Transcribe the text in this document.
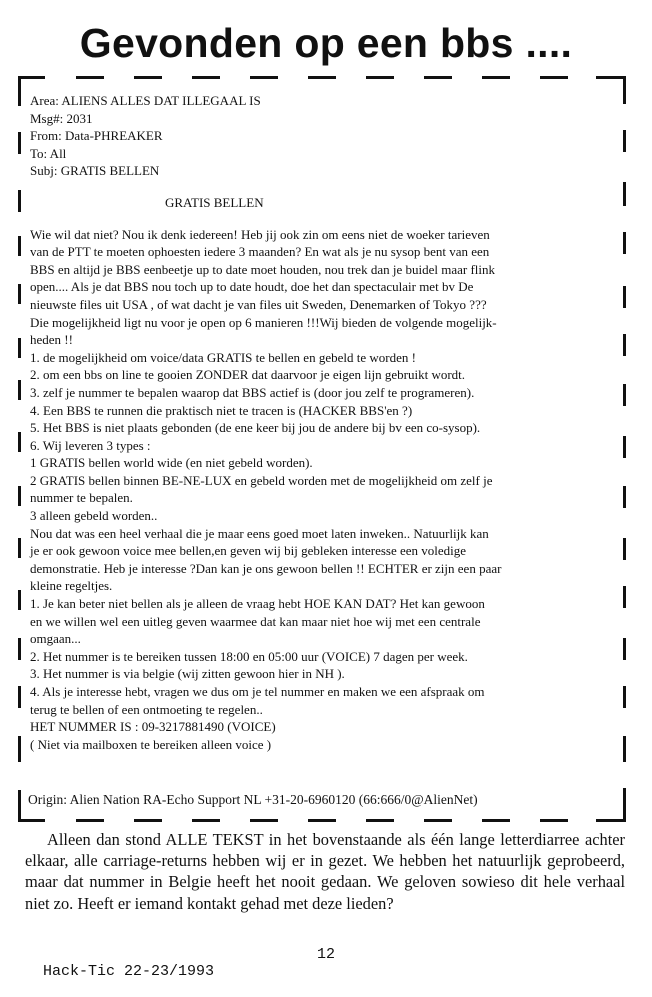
Gevonden op een bbs ....
Area: ALIENS ALLES DAT ILLEGAAL IS
Msg#: 2031
From: Data-PHREAKER
To: All
Subj: GRATIS BELLEN
GRATIS BELLEN
Wie wil dat niet? Nou ik denk iedereen! Heb jij ook zin om eens niet de woeker tarieven
van de PTT te moeten ophoesten iedere 3 maanden? En wat als je nu sysop bent van een
BBS en altijd je BBS eenbeetje up to date moet houden, nou trek dan je buidel maar flink
open.... Als je dat BBS nou toch up to date houdt, doe het dan spectaculair met bv De
nieuwste files uit USA , of wat dacht je van files uit Sweden, Denemarken of Tokyo ???
Die mogelijkheid ligt nu voor je open op 6 manieren !!!Wij bieden de volgende mogelijk-
heden !!
1. de mogelijkheid om voice/data GRATIS te bellen en gebeld te worden !
2. om een bbs on line te gooien ZONDER dat daarvoor je eigen lijn gebruikt wordt.
3. zelf je nummer te bepalen waarop dat BBS actief is (door jou zelf te programeren).
4. Een BBS te runnen die praktisch niet te tracen is (HACKER BBS'en ?)
5. Het BBS is niet plaats gebonden (de ene keer bij jou de andere bij bv een co-sysop).
6. Wij leveren 3 types :
1 GRATIS bellen world wide (en niet gebeld worden).
2 GRATIS bellen binnen BE-NE-LUX en gebeld worden met de mogelijkheid om zelf je
nummer te bepalen.
3 alleen gebeld worden..
Nou dat was een heel verhaal die je maar eens goed moet laten inweken.. Natuurlijk kan
je er ook gewoon voice mee bellen,en geven wij bij gebleken interesse een voledige
demonstratie. Heb je interesse ?Dan kan je ons gewoon bellen !! ECHTER er zijn een paar
kleine regeltjes.
1. Je kan beter niet bellen als je alleen de vraag hebt HOE KAN DAT? Het kan gewoon
en we willen wel een uitleg geven waarmee dat kan maar niet hoe wij met een centrale
omgaan...
2. Het nummer is te bereiken tussen 18:00 en 05:00 uur (VOICE) 7 dagen per week.
3. Het nummer is via belgie (wij zitten gewoon hier in NH ).
4. Als je interesse hebt, vragen we dus om je tel nummer en maken we een afspraak om
terug te bellen of een ontmoeting te regelen..
HET NUMMER IS : 09-3217881490 (VOICE)
( Niet via mailboxen te bereiken alleen voice )
Origin: Alien Nation RA-Echo Support NL +31-20-6960120 (66:666/0@AlienNet)

Alleen dan stond ALLE TEKST in het bovenstaande als één lange letterdiarree achter elkaar, alle carriage-returns hebben wij er in gezet. We hebben het natuurlijk geprobeerd, maar dat nummer in Belgie heeft het nooit gedaan. We geloven sowieso dit hele verhaal niet zo. Heeft er iemand kontakt gehad met deze lieden?

Hack-Tic 22-23/1993

12
